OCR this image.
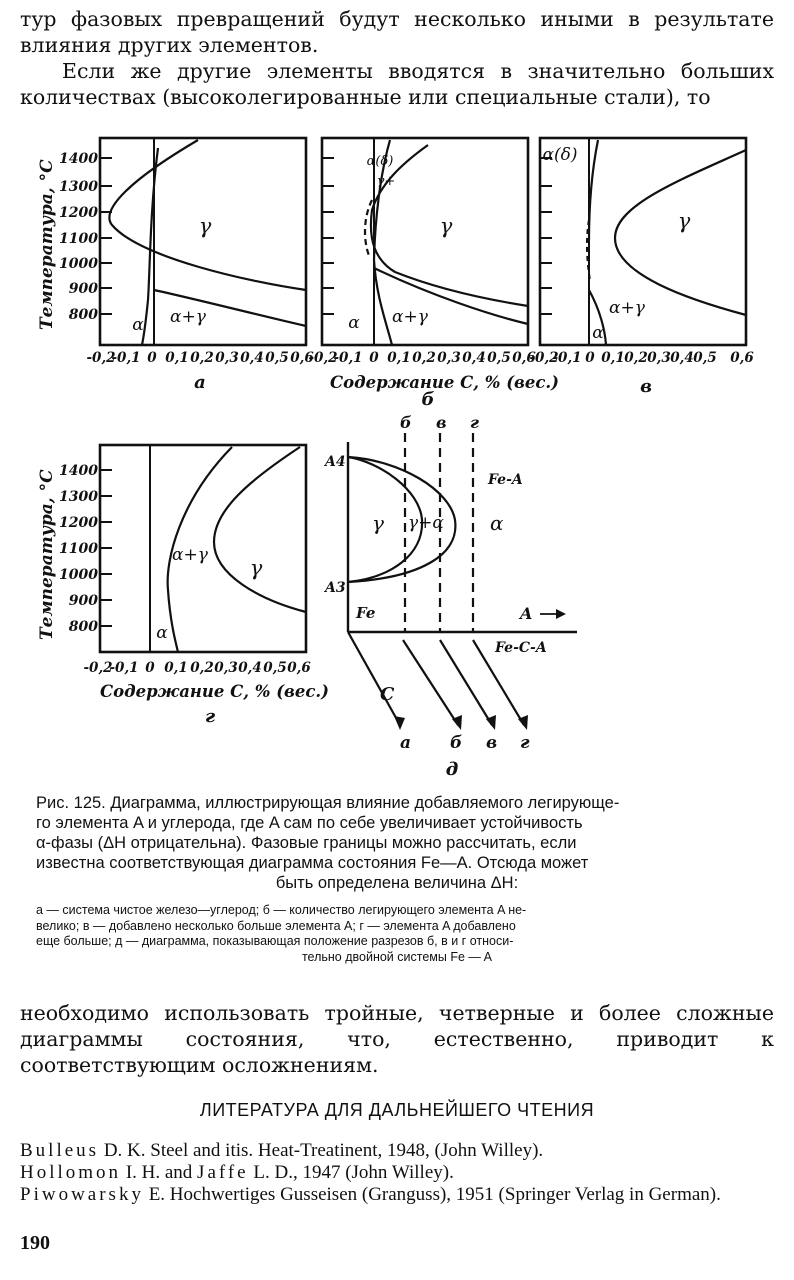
тур фазовых превращений будут несколько иными в результате влияния других элементов.

Если же другие элементы вводятся в значительно больших количествах (высоколегированные или специальные стали), то

1400
1300
1200
1100
1000
900
800
Температура, °С
1400
1300
1200
1100
1000
900
800
Температура, °С
-0,2
-0,1 0 0,1 0,2 0,3 0,4 0,5 0,6
-0,2
-0,1 0 0,1 0,2 0,3 0,4 0,5 0,6
-0,2
-0,1 0 0,1 0,2 0,3 0,4 0,5 0,6
-0,2
-0,1 0 0,1 0,2 0,3 0,4 0,5 0,6
Содержание С, % (вес.)
Содержание С, % (вес.)
а
б
в
г
д
γ	γ	γ
γ
α+γ
α	α+γ
α
α+γ
α
α+γ
α
α(δ)
α(δ)
γ+
γ γ+α α
A4
A3
Fe
Fe-A
Fe-C-A
A
C
б в г
а б в г
Рис. 125. Диаграмма, иллюстрирующая влияние добавляемого легирующе-
го элемента A и углерода, где A сам по себе увеличивает устойчивость
α-фазы (ΔH отрицательна). Фазовые границы можно рассчитать, если
известна соответствующая диаграмма состояния Fe—A. Отсюда может
быть определена величина ΔH:
а — система чистое железо—углерод; б — количество легирующего элемента A не-
велико; в — добавлено несколько больше элемента A; г — элемента A добавлено
еще больше; д — диаграмма, показывающая положение разрезов б, в и г относи-
тельно двойной системы Fe — A

необходимо использовать тройные, четверные и более сложные диаграммы состояния, что, естественно, приводит к соответствующим осложнениям.

ЛИТЕРАТУРА ДЛЯ ДАЛЬНЕЙШЕГО ЧТЕНИЯ
Bulleus D. K. Steel and itis. Heat-Treatinent, 1948, (John Willey).
Hollomon I. H. and Jaffe L. D., 1947 (John Willey).
Piwowarsky E. Hochwertiges Gusseisen (Granguss), 1951 (Springer Verlag in German).
190
